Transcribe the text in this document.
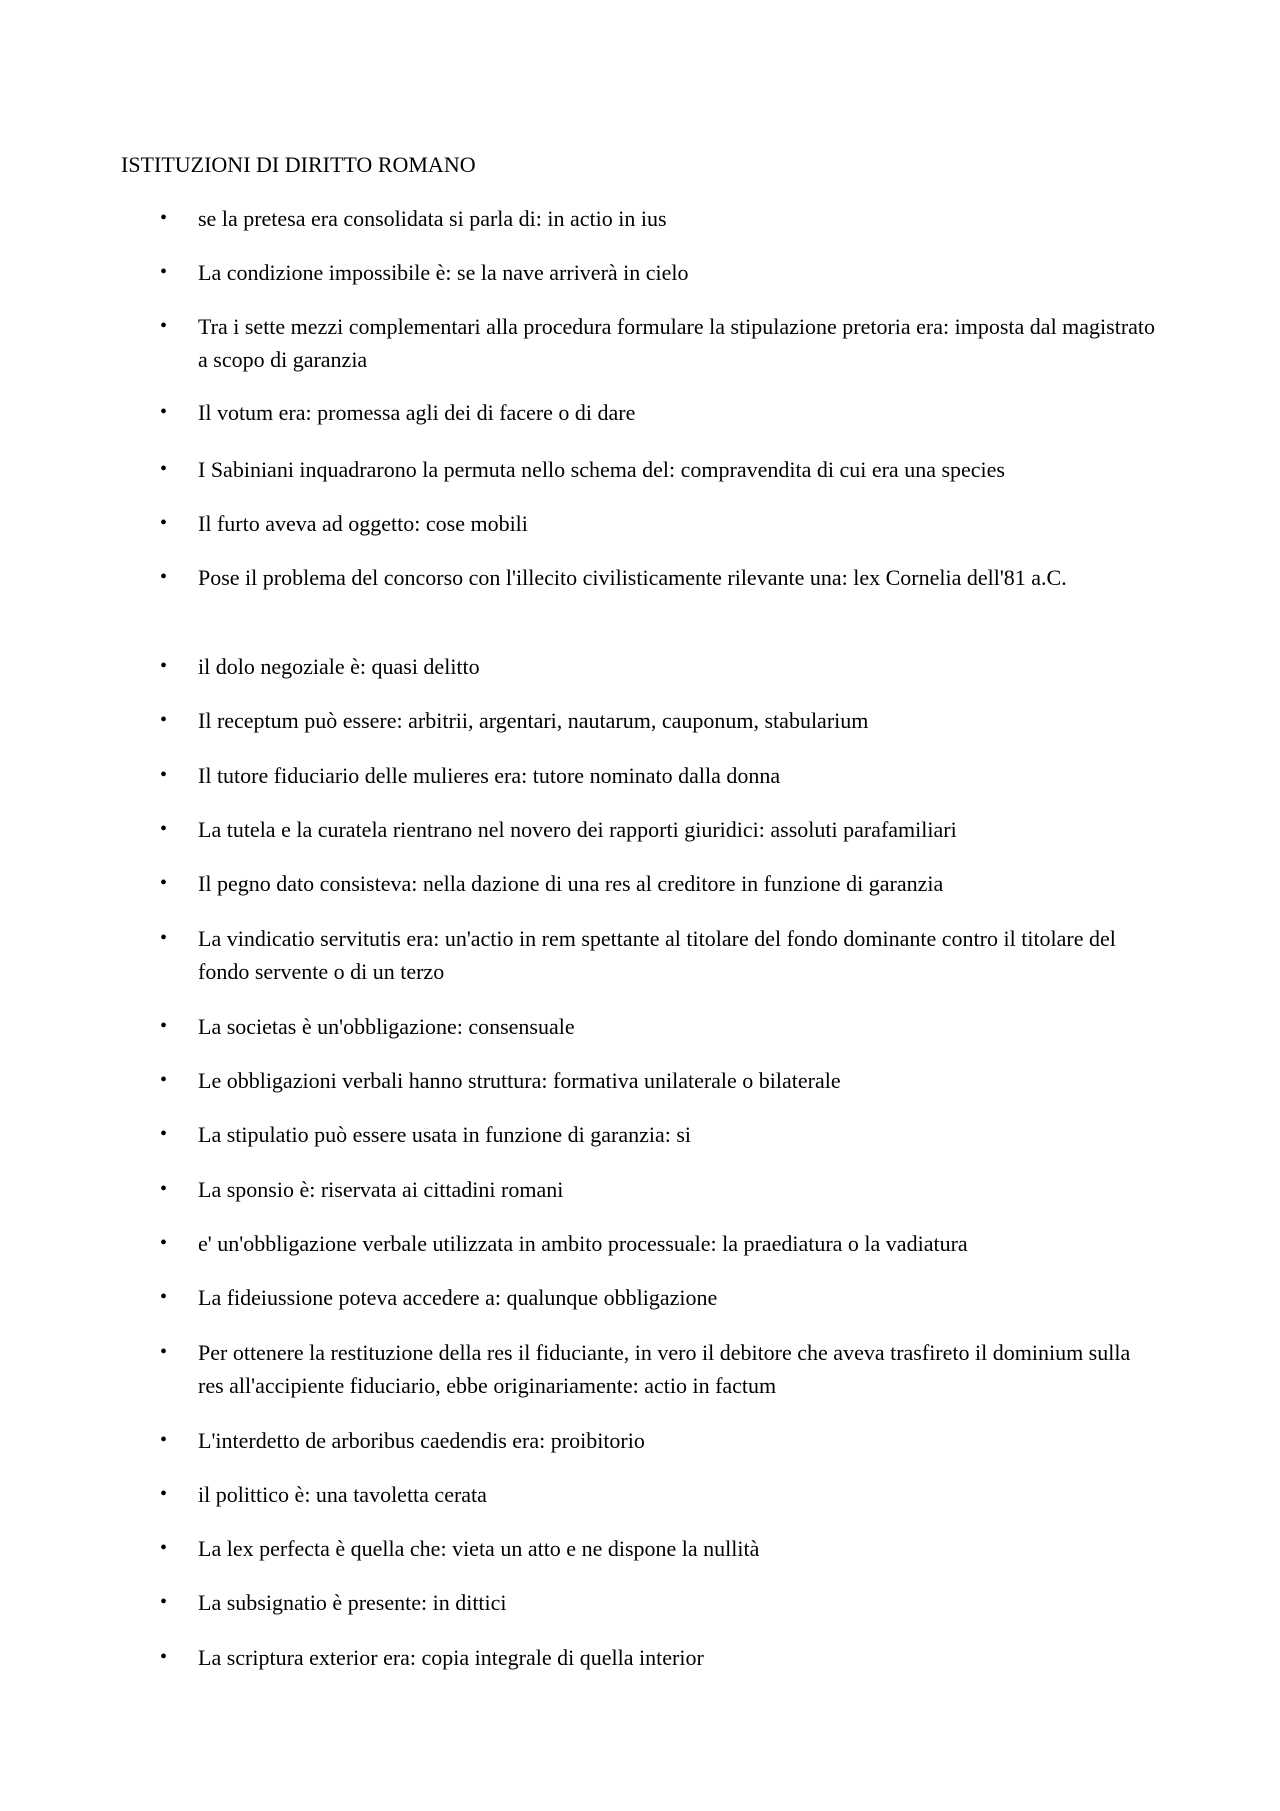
ISTITUZIONI DI DIRITTO ROMANO
•	se la pretesa era consolidata si parla di: in actio in ius
•	La condizione impossibile è: se la nave arriverà in cielo
•	Tra i sette mezzi complementari alla procedura formulare la stipulazione pretoria era: imposta dal magistrato a scopo di garanzia
•	Il votum era: promessa agli dei di facere o di dare
•	I Sabiniani inquadrarono la permuta nello schema del: compravendita di cui era una species
•	Il furto aveva ad oggetto: cose mobili
•	Pose il problema del concorso con l'illecito civilisticamente rilevante una: lex Cornelia dell'81 a.C.
•	il dolo negoziale è: quasi delitto
•	Il receptum può essere: arbitrii, argentari, nautarum, cauponum, stabularium
•	Il tutore fiduciario delle mulieres era: tutore nominato dalla donna
•	La tutela e la curatela rientrano nel novero dei rapporti giuridici: assoluti parafamiliari
•	Il pegno dato consisteva: nella dazione di una res al creditore in funzione di garanzia
•	La vindicatio servitutis era: un'actio in rem spettante al titolare del fondo dominante contro il titolare del fondo servente o di un terzo
•	La societas è un'obbligazione: consensuale
•	Le obbligazioni verbali hanno struttura: formativa unilaterale o bilaterale
•	La stipulatio può essere usata in funzione di garanzia: si
•	La sponsio è: riservata ai cittadini romani
•	e' un'obbligazione verbale utilizzata in ambito processuale: la praediatura o la vadiatura
•	La fideiussione poteva accedere a: qualunque obbligazione
•	Per ottenere la restituzione della res il fiduciante, in vero il debitore che aveva trasfireto il dominium sulla res all'accipiente fiduciario, ebbe originariamente: actio in factum
•	L'interdetto de arboribus caedendis era: proibitorio
•	il polittico è: una tavoletta cerata
•	La lex perfecta è quella che: vieta un atto e ne dispone la nullità
•	La subsignatio è presente: in dittici
•	La scriptura exterior era: copia integrale di quella interior
